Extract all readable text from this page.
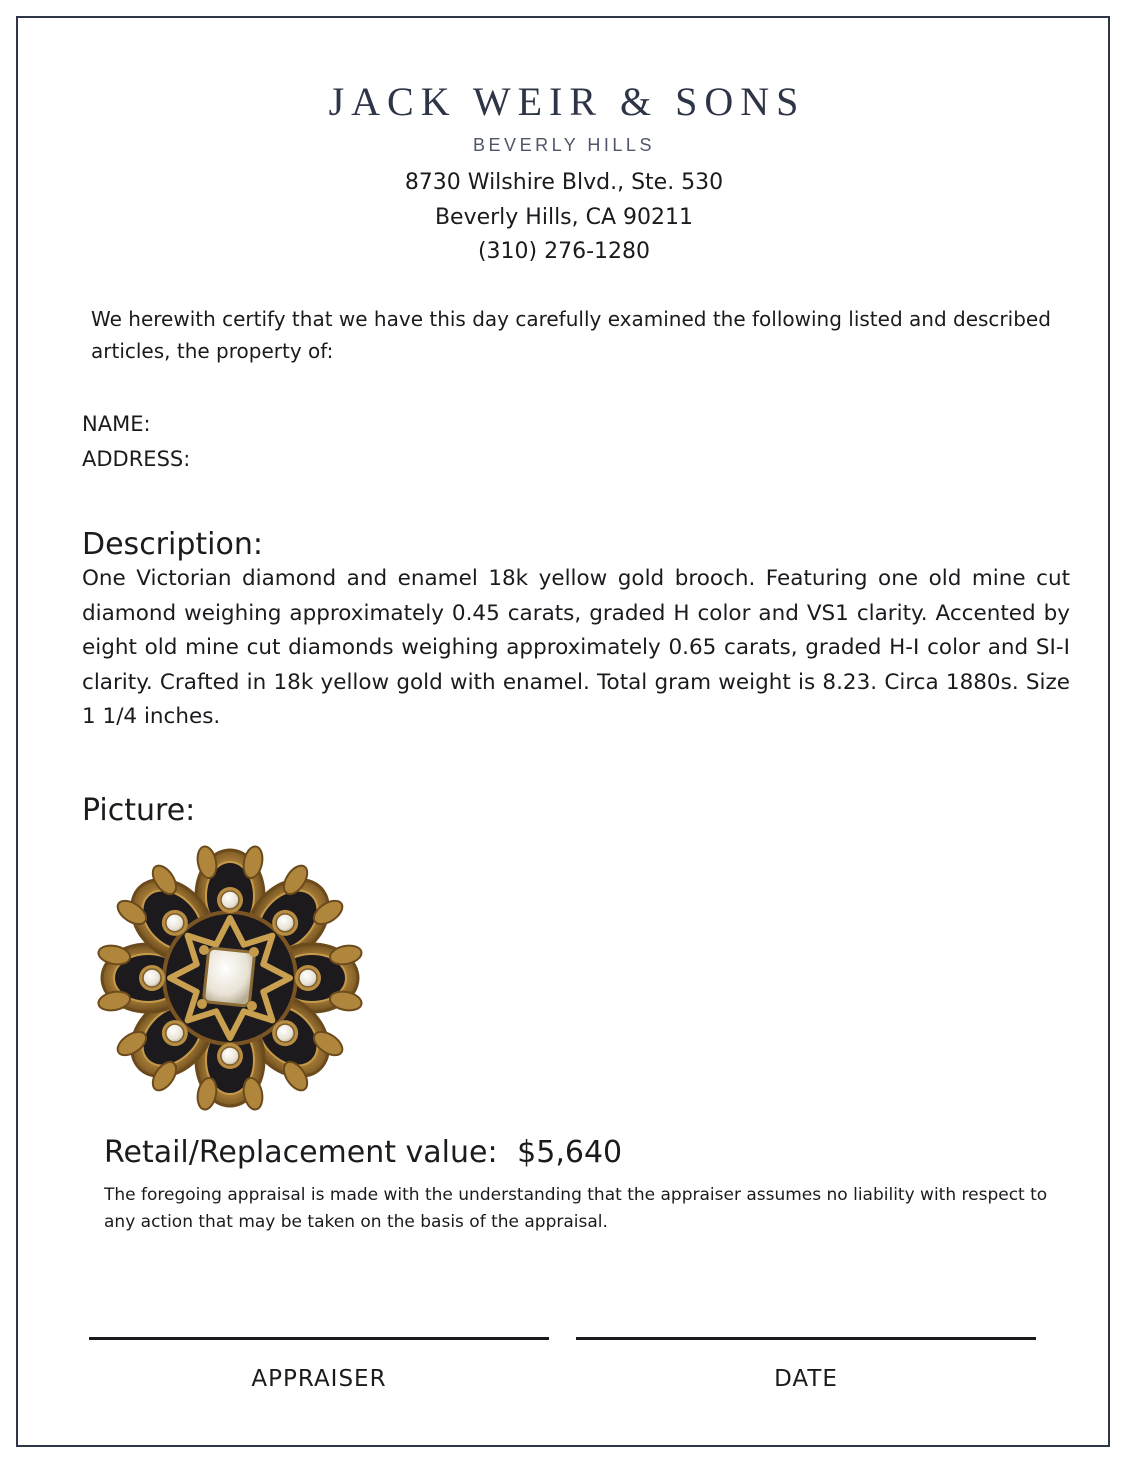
JACK WEIR & SONS
BEVERLY HILLS
8730 Wilshire Blvd., Ste. 530
Beverly Hills, CA 90211
(310) 276-1280
We herewith certify that we have this day carefully examined the following listed and described articles, the property of:
NAME:
ADDRESS:
Description:
One Victorian diamond and enamel 18k yellow gold brooch. Featuring one old mine cut diamond weighing approximately 0.45 carats, graded H color and VS1 clarity. Accented by eight old mine cut diamonds weighing approximately 0.65 carats, graded H-I color and SI-I clarity. Crafted in 18k yellow gold with enamel. Total gram weight is 8.23. Circa 1880s. Size 1 1/4 inches.
Picture:
Retail/Replacement value: $5,640
The foregoing appraisal is made with the understanding that the appraiser assumes no liability with respect to any action that may be taken on the basis of the appraisal.
APPRAISER	DATE
